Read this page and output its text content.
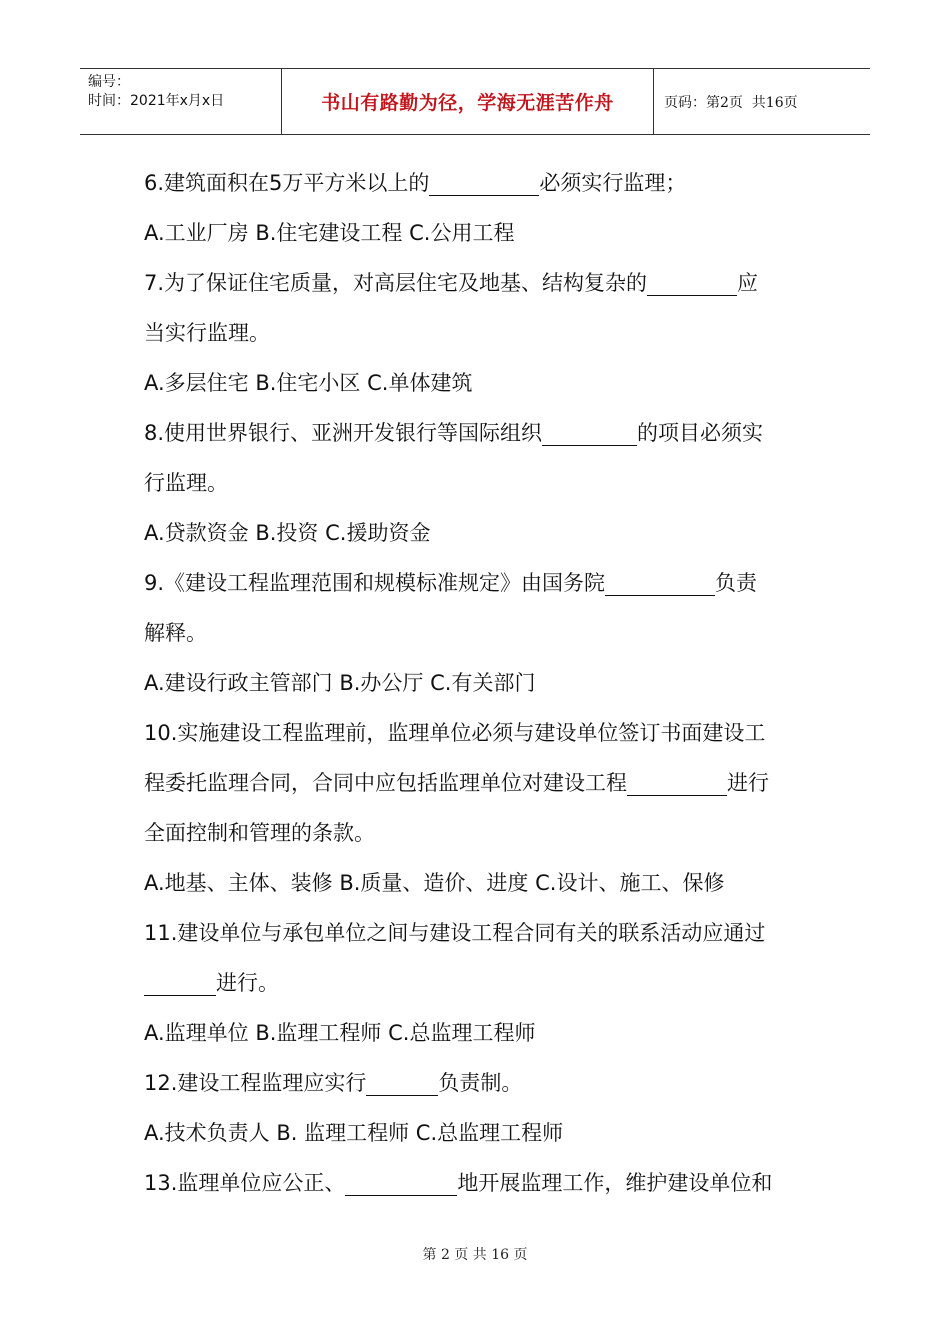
编号：
时间：2021年x月x日	书山有路勤为径，学海无涯苦作舟	页码：第2页  共16页
6.建筑面积在5万平方米以上的	必须实行监理；
A.工业厂房 B.住宅建设工程 C.公用工程
7.为了保证住宅质量，对高层住宅及地基、结构复杂的	应
当实行监理。
A.多层住宅 B.住宅小区 C.单体建筑
8.使用世界银行、亚洲开发银行等国际组织	的项目必须实
行监理。
A.贷款资金 B.投资 C.援助资金
9.《建设工程监理范围和规模标准规定》由国务院	负责
解释。
A.建设行政主管部门 B.办公厅 C.有关部门
10.实施建设工程监理前，监理单位必须与建设单位签订书面建设工
程委托监理合同，合同中应包括监理单位对建设工程	进行
全面控制和管理的条款。
A.地基、主体、装修 B.质量、造价、进度 C.设计、施工、保修
11.建设单位与承包单位之间与建设工程合同有关的联系活动应通过
进行。
A.监理单位 B.监理工程师 C.总监理工程师
12.建设工程监理应实行	负责制。
A.技术负责人 B. 监理工程师 C.总监理工程师
13.监理单位应公正、	地开展监理工作，维护建设单位和
第 2 页 共 16 页
